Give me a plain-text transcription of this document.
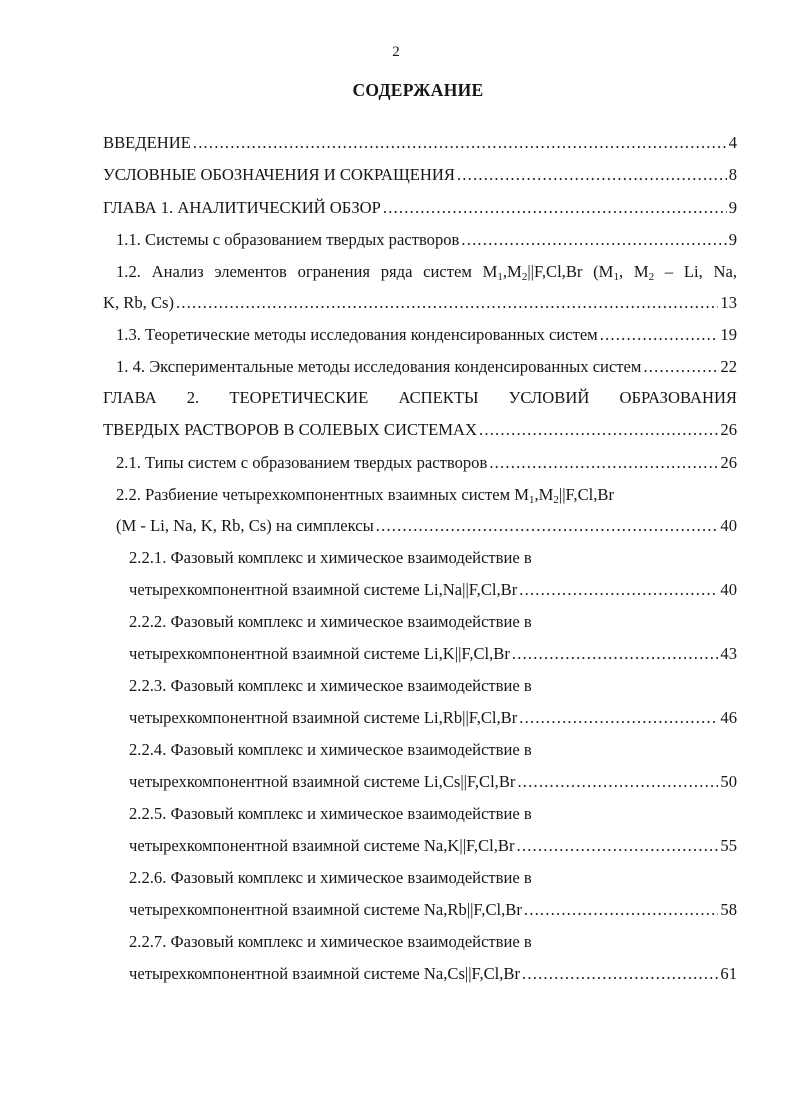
2
СОДЕРЖАНИЕ
ВВЕДЕНИЕ .....	4
УСЛОВНЫЕ ОБОЗНАЧЕНИЯ И СОКРАЩЕНИЯ .....	8
ГЛАВА 1. АНАЛИТИЧЕСКИЙ ОБЗОР .....	9
1.1. Системы с образованием твердых растворов .....	9
1.2. Анализ элементов огранения ряда систем $M_1,M_2||F,Cl,Br$ ($M_1$, $M_2$ – Li, Na,
K, Rb, Cs) .....	13
1.3. Теоретические методы исследования конденсированных систем .....	19
1. 4. Экспериментальные методы исследования конденсированных систем .....	22
ГЛАВА 2. ТЕОРЕТИЧЕСКИЕ АСПЕКТЫ УСЛОВИЙ ОБРАЗОВАНИЯ
ТВЕРДЫХ РАСТВОРОВ В СОЛЕВЫХ СИСТЕМАХ .....	26
2.1. Типы систем с образованием твердых растворов .....	26
2.2. Разбиение четырехкомпонентных взаимных систем $M_1,M_2||F,Cl,Br$
(M - Li, Na, K, Rb, Cs) на симплексы .....	40
2.2.1. Фазовый комплекс и химическое взаимодействие в
четырехкомпонентной взаимной системе Li,Na||F,Cl,Br .....	40
2.2.2. Фазовый комплекс и химическое взаимодействие в
четырехкомпонентной взаимной системе Li,K||F,Cl,Br .....	43
2.2.3. Фазовый комплекс и химическое взаимодействие в
четырехкомпонентной взаимной системе Li,Rb||F,Cl,Br .....	46
2.2.4. Фазовый комплекс и химическое взаимодействие в
четырехкомпонентной взаимной системе Li,Cs||F,Cl,Br .....	50
2.2.5. Фазовый комплекс и химическое взаимодействие в
четырехкомпонентной взаимной системе Na,K||F,Cl,Br .....	55
2.2.6. Фазовый комплекс и химическое взаимодействие в
четырехкомпонентной взаимной системе Na,Rb||F,Cl,Br .....	58
2.2.7. Фазовый комплекс и химическое взаимодействие в
четырехкомпонентной взаимной системе Na,Cs||F,Cl,Br .....	61
